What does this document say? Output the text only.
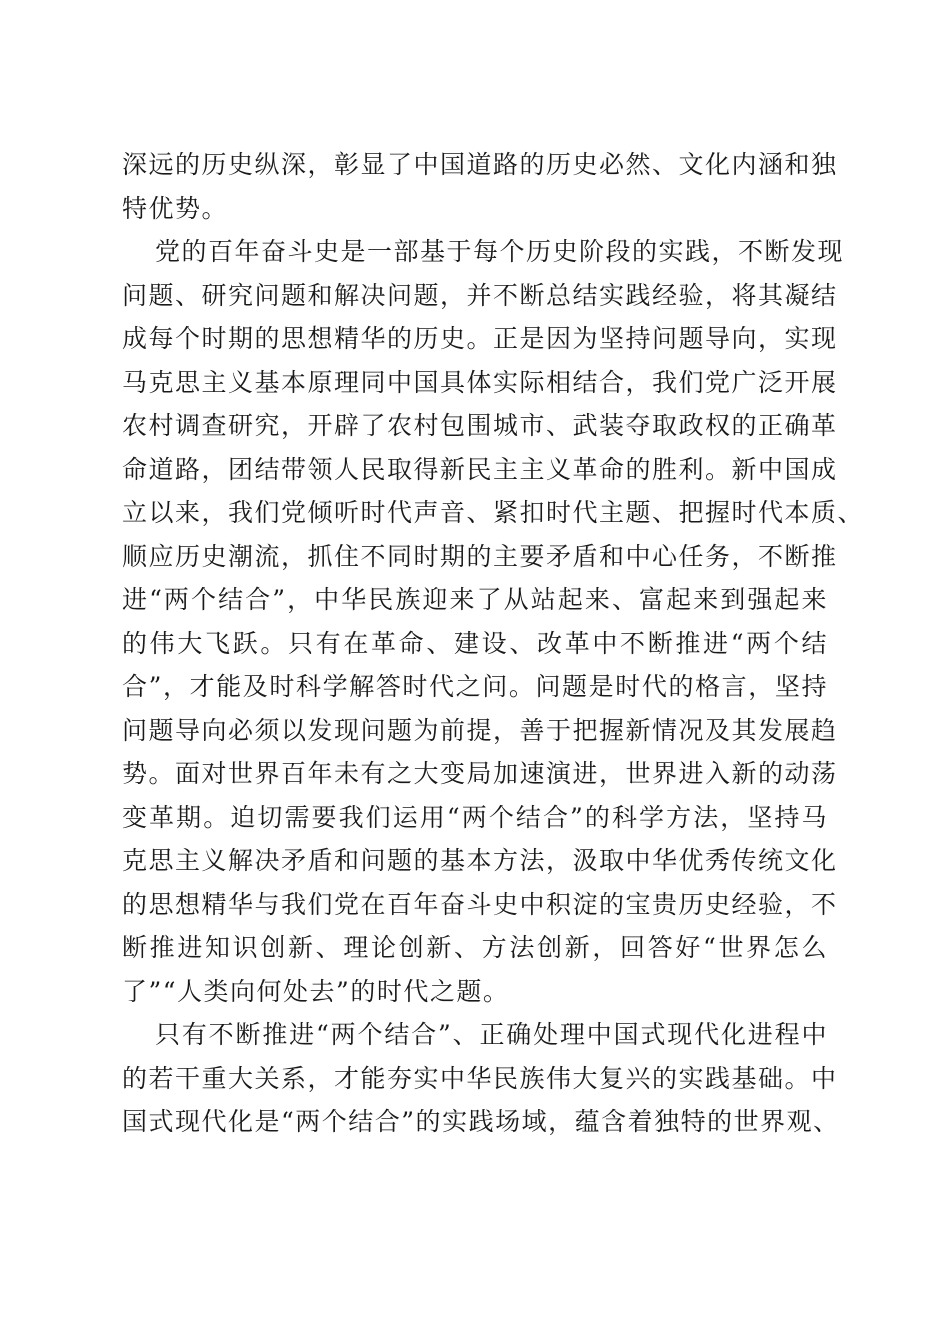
深远的历史纵深，彰显了中国道路的历史必然、文化内涵和独
特优势。
党的百年奋斗史是一部基于每个历史阶段的实践，不断发现
问题、研究问题和解决问题，并不断总结实践经验，将其凝结
成每个时期的思想精华的历史。正是因为坚持问题导向，实现
马克思主义基本原理同中国具体实际相结合，我们党广泛开展
农村调查研究，开辟了农村包围城市、武装夺取政权的正确革
命道路，团结带领人民取得新民主主义革命的胜利。新中国成
立以来，我们党倾听时代声音、紧扣时代主题、把握时代本质、
顺应历史潮流，抓住不同时期的主要矛盾和中心任务，不断推
进“两个结合”，中华民族迎来了从站起来、富起来到强起来
的伟大飞跃。只有在革命、建设、改革中不断推进“两个结
合”，才能及时科学解答时代之问。问题是时代的格言，坚持
问题导向必须以发现问题为前提，善于把握新情况及其发展趋
势。面对世界百年未有之大变局加速演进，世界进入新的动荡
变革期。迫切需要我们运用“两个结合”的科学方法，坚持马
克思主义解决矛盾和问题的基本方法，汲取中华优秀传统文化
的思想精华与我们党在百年奋斗史中积淀的宝贵历史经验，不
断推进知识创新、理论创新、方法创新，回答好“世界怎么
了”“人类向何处去”的时代之题。
只有不断推进“两个结合”、正确处理中国式现代化进程中
的若干重大关系，才能夯实中华民族伟大复兴的实践基础。中
国式现代化是“两个结合”的实践场域，蕴含着独特的世界观、
